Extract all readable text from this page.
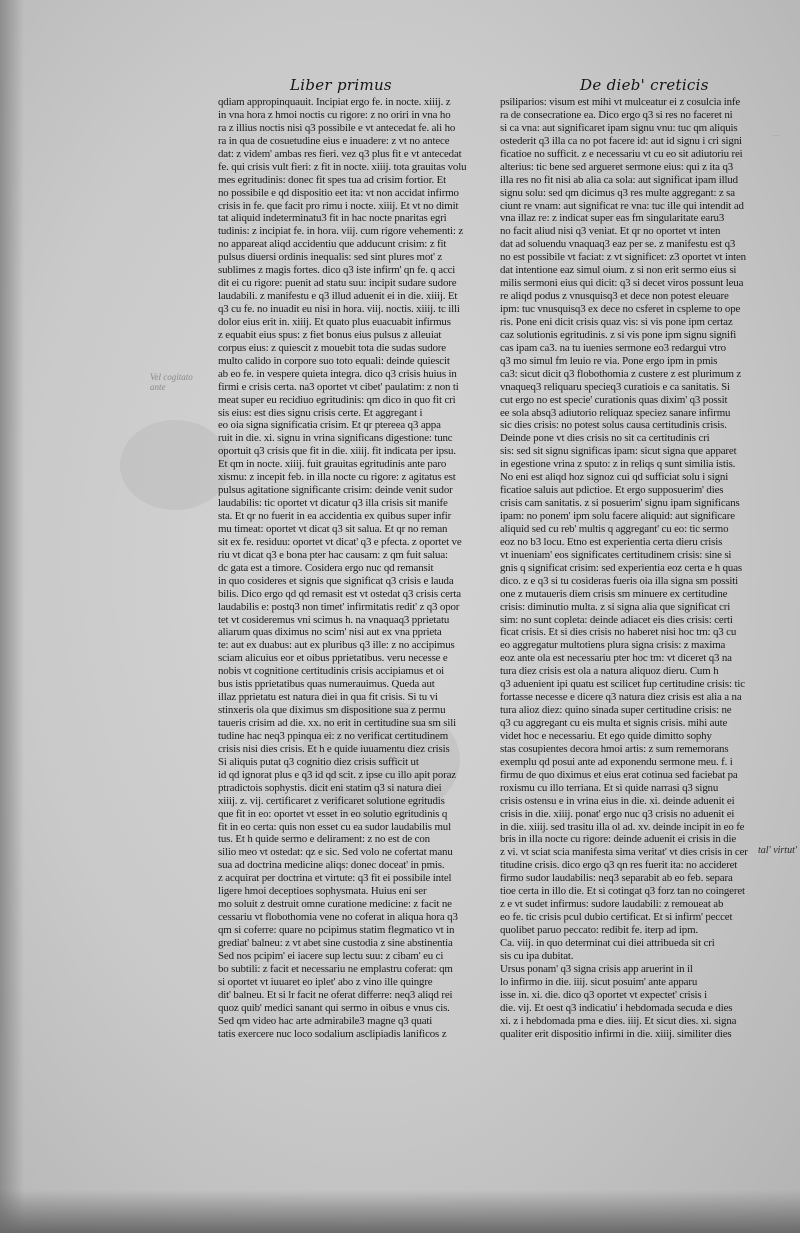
Liber primus	De dieb' creticis
Vel cogitato ante
tal' virtut'
—
qdiam appropinquauit. Incipiat ergo fe. in nocte. xiiij. z
in vna hora z hmoi noctis cu rigore: z no oriri in vna ho
ra z illius noctis nisi q3 possibile e vt antecedat fe. ali ho
ra in qua de cosuetudine eius e inuadere: z vt no antece
dat: z videm' ambas res fieri. vez q3 plus fit e vt antecedat
fe. qui crisis vult fieri: z fit in nocte. xiiij. tota grauitas volu
mes egritudinis: donec fit spes tua ad crisim fortior. Et
no possibile e qd dispositio eet ita: vt non accidat infirmo
crisis in fe. que facit pro rimu i nocte. xiiij. Et vt no dimit
tat aliquid indeterminatu3 fit in hac nocte pnaritas egri
tudinis: z incipiat fe. in hora. viij. cum rigore vehementi: z
no appareat aliqd accidentiu que adducunt crisim: z fit
pulsus diuersi ordinis inequalis: sed sint plures mot' z
sublimes z magis fortes. dico q3 iste infirm' qn fe. q acci
dit ei cu rigore: puenit ad statu suu: incipit sudare sudore
laudabili. z manifestu e q3 illud aduenit ei in die. xiiij. Et
q3 cu fe. no inuadit eu nisi in hora. viij. noctis. xiiij. tc illi
dolor eius erit in. xiiij. Et quato plus euacuabit infirmus
z equabit eius spus: z fiet bonus eius pulsus z alleuiat
corpus eius: z quiescit z mouebit tota die sudas sudore
multo calido in corpore suo toto equali: deinde quiescit
ab eo fe. in vespere quieta integra. dico q3 crisis huius in
firmi e crisis certa. na3 oportet vt cibet' paulatim: z non ti
meat super eu recidiuo egritudinis: qm dico in quo fit cri
sis eius: est dies signu crisis certe. Et aggregant i
eo oia signa significatia crisim. Et qr ptereea q3 appa
ruit in die. xi. signu in vrina significans digestione: tunc
oportuit q3 crisis que fit in die. xiiij. fit indicata per ipsu.
Et qm in nocte. xiiij. fuit grauitas egritudinis ante paro
xismu: z incepit feb. in illa nocte cu rigore: z agitatus est
pulsus agitatione significante crisim: deinde venit sudor
laudabilis: tic oportet vt dicatur q3 illa crisis sit manife
sta. Et qr no fuerit in ea accidentia ex quibus super infir
mu timeat: oportet vt dicat q3 sit salua. Et qr no reman
sit ex fe. residuu: oportet vt dicat' q3 e pfecta. z oportet ve
riu vt dicat q3 e bona pter hac causam: z qm fuit salua:
dc gata est a timore. Cosidera ergo nuc qd remansit
in quo cosideres et signis que significat q3 crisis e lauda
bilis. Dico ergo qd qd remasit est vt ostedat q3 crisis certa
laudabilis e: postq3 non timet' infirmitatis redit' z q3 opor
tet vt cosideremus vni scimus h. na vnaquaq3 pprietatu
aliarum quas diximus no scim' nisi aut ex vna pprieta
te: aut ex duabus: aut ex pluribus q3 ille: z no accipimus
sciam alicuius eor et oibus pprietatibus. veru necesse e
nobis vt cognitione certitudinis crisis accipiamus et oi
bus istis pprietatibus quas numerauimus. Queda aut
illaz pprietatu est natura diei in qua fit crisis. Si tu vi
stinxeris ola que diximus sm dispositione sua z permu
taueris crisim ad die. xx. no erit in certitudine sua sm sili
tudine hac neq3 ppinqua ei: z no verificat certitudinem
crisis nisi dies crisis. Et h e quide iuuamentu diez crisis
Si aliquis putat q3 cognitio diez crisis sufficit ut
id qd ignorat plus e q3 id qd scit. z ipse cu illo apit poraz
ptradictois sophystis. dicit eni statim q3 si natura diei
xiiij. z. vij. certificaret z verificaret solutione egritudis
que fit in eo: oportet vt esset in eo solutio egritudinis q
fit in eo certa: quis non esset cu ea sudor laudabilis mul
tus. Et h quide sermo e delirament: z no est de con
silio meo vt ostedat: qz e sic. Sed volo ne cofertat manu
sua ad doctrina medicine aliqs: donec doceat' in pmis.
z acquirat per doctrina et virtute: q3 fit ei possibile intel
ligere hmoi deceptioes sophysmata. Huius eni ser
mo soluit z destruit omne curatione medicine: z facit ne
cessariu vt flobothomia vene no coferat in aliqua hora q3
qm si coferre: quare no pcipimus statim flegmatico vt in
grediat' balneu: z vt abet sine custodia z sine abstinentia
Sed nos pcipim' ei iacere sup lectu suu: z cibam' eu ci
bo subtili: z facit et necessariu ne emplastru coferat: qm
si oportet vt iuuaret eo iplet' abo z vino ille quingre
dit' balneu. Et si lr facit ne oferat differre: neq3 aliqd rei
quoz quib' medici sanant qui sermo in oibus e vnus cis.
Sed qm video hac arte admirabile3 magne q3 quati
tatis exercere nuc loco sodalium asclipiadis lanificos z
psiliparios: visum est mihi vt mulceatur ei z cosulcia infe
ra de consecratione ea. Dico ergo q3 si res no faceret ni
si ca vna: aut significaret ipam signu vnu: tuc qm aliquis
ostederit q3 illa ca no pot facere id: aut id signu i cri signi
ficatioe no sufficit. z e necessariu vt cu eo sit adiutoriu rei
alterius: tic bene sed argueret sermone eius: qui z ita q3
illa res no fit nisi ab alia ca sola: aut significat ipam illud
signu solu: sed qm dicimus q3 res multe aggregant: z sa
ciunt re vnam: aut significat re vna: tuc ille qui intendit ad
vna illaz re: z indicat super eas fm singularitate earu3
no facit aliud nisi q3 veniat. Et qr no oportet vt inten
dat ad soluendu vnaquaq3 eaz per se. z manifestu est q3
no est possibile vt faciat: z vt significet: z3 oportet vt inten
dat intentione eaz simul oium. z si non erit sermo eius si
milis sermoni eius qui dicit: q3 si decet viros possunt leua
re aliqd podus z vnusquisq3 et dece non potest eleuare
ipm: tuc vnusquisq3 ex dece no csferet in cspleme to ope
ris. Pone eni dicit crisis quaz vis: si vis pone ipm certaz
caz solutionis egritudinis. z si vis pone ipm signu signifi
cas ipam ca3. na tu iuenies sermone eo3 redargui vtro
q3 mo simul fm leuio re via. Pone ergo ipm in pmis
ca3: sicut dicit q3 flobothomia z custere z est plurimum z
vnaqueq3 reliquaru specieq3 curatiois e ca sanitatis. Si
cut ergo no est specie' curationis quas dixim' q3 possit
ee sola absq3 adiutorio reliquaz speciez sanare infirmu
sic dies crisis: no potest solus causa certitudinis crisis.
Deinde pone vt dies crisis no sit ca certitudinis cri
sis: sed sit signu significas ipam: sicut signa que apparet
in egestione vrina z sputo: z in reliqs q sunt similia istis.
No eni est aliqd hoz signoz cui qd sufficiat solu i signi
ficatioe saluis aut pdictioe. Et ergo supposuerim' dies
crisis cam sanitatis. z si posuerim' signu ipam significans
ipam: no ponem' ipm solu facere aliquid: aut significare
aliquid sed cu reb' multis q aggregant' cu eo: tic sermo
eoz no b3 locu. Etno est experientia certa dieru crisis
vt inueniam' eos significates certitudinem crisis: sine si
gnis q significat crisim: sed experientia eoz certa e h quas
dico. z e q3 si tu cosideras fueris oia illa signa sm possiti
one z mutaueris diem crisis sm minuere ex certitudine
crisis: diminutio multa. z si signa alia que significat cri
sim: no sunt copleta: deinde adiacet eis dies crisis: certi
ficat crisis. Et si dies crisis no haberet nisi hoc tm: q3 cu
eo aggregatur multotiens plura signa crisis: z maxima
eoz ante ola est necessariu pter hoc tm: vt diceret q3 na
tura diez crisis est ola a natura aliquoz dieru. Cum h
q3 aduenient ipi quatu est scilicet fup certitudine crisis: tic
fortasse necesse e dicere q3 natura diez crisis est alia a na
tura alioz diez: quino sinada super certitudine crisis: ne
q3 cu aggregant cu eis multa et signis crisis. mihi aute
videt hoc e necessariu. Et ego quide dimitto sophy
stas cosupientes decora hmoi artis: z sum rememorans
exemplu qd posui ante ad exponendu sermone meu. f. i
firmu de quo diximus et eius erat cotinua sed faciebat pa
roxismu cu illo terriana. Et si quide narrasi q3 signu
crisis ostensu e in vrina eius in die. xi. deinde aduenit ei
crisis in die. xiiij. ponat' ergo nuc q3 crisis no aduenit ei
in die. xiiij. sed trasitu illa ol ad. xv. deinde incipit in eo fe
bris in illa nocte cu rigore: deinde aduenit ei crisis in die
z vi. vt sciat scia manifesta sima veritat' vt dies crisis in cer
titudine crisis. dico ergo q3 qn res fuerit ita: no accideret
firmo sudor laudabilis: neq3 separabit ab eo feb. separa
tioe certa in illo die. Et si cotingat q3 forz tan no coingeret
z e vt sudet infirmus: sudore laudabili: z remoueat ab
eo fe. tic crisis pcul dubio certificat. Et si infirm' peccet
quolibet paruo peccato: redibit fe. iterp ad ipm.
Ca. viij. in quo determinat cui diei attribueda sit cri
sis cu ipa dubitat.
Ursus ponam' q3 signa crisis app aruerint in il
lo infirmo in die. iiij. sicut posuim' ante apparu
isse in. xi. die. dico q3 oportet vt expectet' crisis i
die. vij. Et oest q3 indicatiu' i hebdomada secuda e dies
xi. z i hebdomada pma e dies. iiij. Et sicut dies. xi. signa
qualiter erit dispositio infirmi in die. xiiij. similiter dies
